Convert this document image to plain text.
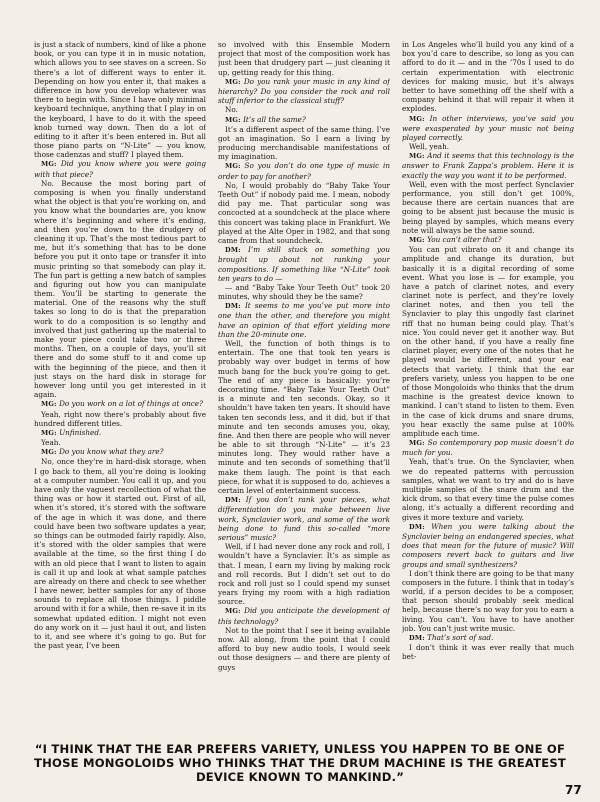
is just a stack of numbers, kind of like a phone book, or you can type it in in music notation, which allows you to see staves on a screen. So there’s a lot of different ways to enter it. Depending on how you enter it, that makes a difference in how you develop whatever was there to begin with. Since I have only minimal keyboard technique, anything that I play in on the keyboard, I have to do it with the speed knob turned way down. Then do a lot of editing to it after it’s been entered in. But all those piano parts on “N-Lite” — you know, those cadenzas and stuff? I played them.

MG: Did you know where you were going with that piece?

No. Because the most boring part of composing is when you finally understand what the object is that you’re working on, and you know what the boundaries are, you know where it’s beginning and where it’s ending, and then you’re down to the drudgery of cleaning it up. That’s the most tedious part to me, but it’s something that has to be done before you put it onto tape or transfer it into music printing so that somebody can play it. The fun part is getting a new batch of samples and figuring out how you can manipulate them. You’ll be starting to generate the material. One of the reasons why the stuff takes so long to do is that the preparation work to do a composition is so lengthy and involved that just gathering up the material to make your piece could take two or three months. Then, on a couple of days, you’ll sit there and do some stuff to it and come up with the beginning of the piece, and then it just stays on the hard disk in storage for however long until you get interested in it again.

MG: Do you work on a lot of things at once?

Yeah, right now there’s probably about five hundred different titles.

MG: Unfinished.

Yeah.

MG: Do you know what they are?

No, once they’re in hard-disk storage, when I go back to them, all you’re doing is looking at a computer number. You call it up, and you have only the vaguest recollection of what the thing was or how it started out. First of all, when it’s stored, it’s stored with the software of the age in which it was done, and there could have been two software updates a year, so things can be outmoded fairly rapidly. Also, it’s stored with the older samples that were available at the time, so the first thing I do with an old piece that I want to listen to again is call it up and look at what sample patches are already on there and check to see whether I have newer, better samples for any of those sounds to replace all those things. I piddle around with it for a while, then re-save it in its somewhat updated edition. I might not even do any work on it — just haul it out, and listen to it, and see where it’s going to go. But for the past year, I’ve been

so involved with this Ensemble Modern project that most of the composition work has just been that drudgery part — just cleaning it up, getting ready for this thing.

MG: Do you rank your music in any kind of hierarchy? Do you consider the rock and roll stuff inferior to the classical stuff?

No.

MG: It’s all the same?

It’s a different aspect of the same thing. I’ve got an imagination. So I earn a living by producing merchandisable manifestations of my imagination.

MG: So you don’t do one type of music in order to pay for another?

No, I would probably do “Baby Take Your Teeth Out” if nobody paid me. I mean, nobody did pay me. That particular song was concocted at a soundcheck at the place where this concert was taking place in Frankfurt. We played at the Alte Oper in 1982, and that song came from that soundcheck.

DM: I’m still stuck on something you brought up about not ranking your compositions. If something like “N-Lite” took ten years to do —

— and “Baby Take Your Teeth Out” took 20 minutes, why should they be the same?

DM: It seems to me you’ve put more into one than the other, and therefore you might have an opinion of that effort yielding more than the 20-minute one.

Well, the function of both things is to entertain. The one that took ten years is probably way over budget in terms of how much bang for the buck you’re going to get. The end of any piece is basically: you’re decorating time. “Baby Take Your Teeth Out” is a minute and ten seconds. Okay, so it shouldn’t have taken ten years. It should have taken ten seconds less, and it did, but if that minute and ten seconds amuses you, okay, fine. And then there are people who will never be able to sit through “N-Lite” — it’s 23 minutes long. They would rather have a minute and ten seconds of something that’ll make them laugh. The point is that each piece, for what it is supposed to do, achieves a certain level of entertainment success.

DM: If you don’t rank your pieces, what differentiation do you make between live work, Synclavier work, and some of the work being done to fund this so-called “more serious” music?

Well, if I had never done any rock and roll, I wouldn’t have a Synclavier. It’s as simple as that. I mean, I earn my living by making rock and roll records. But I didn’t set out to do rock and roll just so I could spend my sunset years frying my room with a high radiation source.

MG: Did you anticipate the development of this technology?

Not to the point that I see it being available now. All along, from the point that I could afford to buy new audio tools, I would seek out those designers — and there are plenty of guys

in Los Angeles who’ll build you any kind of a box you’d care to describe, so long as you can afford to do it — and in the ’70s I used to do certain experimentation with electronic devices for making music, but it’s always better to have something off the shelf with a company behind it that will repair it when it explodes.

MG: In other interviews, you’ve said you were exasperated by your music not being played correctly.

Well, yeah.

MG: And it seems that this technology is the answer to Frank Zappa’s problem. Here it is exactly the way you want it to be performed.

Well, even with the most perfect Synclavier performance, you still don’t get 100%, because there are certain nuances that are going to be absent just because the music is being played by samples, which means every note will always be the same sound.

MG: You can’t alter that?

You can put vibrato on it and change its amplitude and change its duration, but basically it is a digital recording of some event. What you lose is — for example, you have a patch of clarinet notes, and every clarinet note is perfect, and they’re lovely clarinet notes, and then you tell the Synclavier to play this ungodly fast clarinet riff that no human being could play. That’s nice. You could never get it another way. But on the other hand, if you have a really fine clarinet player, every one of the notes that he played would be different, and your ear detects that variety. I think that the ear prefers variety, unless you happen to be one of those Mongoloids who thinks that the drum machine is the greatest device known to mankind. I can’t stand to listen to them. Even in the case of kick drums and snare drums, you hear exactly the same pulse at 100% amplitude each time.

MG: So contemporary pop music doesn’t do much for you.

Yeah, that’s true. On the Synclavier, when we do repeated patterns with percussion samples, what we want to try and do is have multiple samples of the snare drum and the kick drum, so that every time the pulse comes along, it’s actually a different recording and gives it more texture and variety.

DM: When you were talking about the Synclavier being an endangered species, what does that mean for the future of music? Will composers revert back to guitars and live groups and small synthesizers?

I don’t think there are going to be that many composers in the future. I think that in today’s world, if a person decides to be a composer, that person should probably seek medical help, because there’s no way for you to earn a living. You can’t. You have to have another job. You can’t just write music.

DM: That’s sort of sad.

I don’t think it was ever really that much bet-

“I THINK THAT THE EAR PREFERS VARIETY, UNLESS YOU HAPPEN TO BE ONE OF THOSE MONGOLOIDS WHO THINKS THAT THE DRUM MACHINE IS THE GREATEST DEVICE KNOWN TO MANKIND.”
77
